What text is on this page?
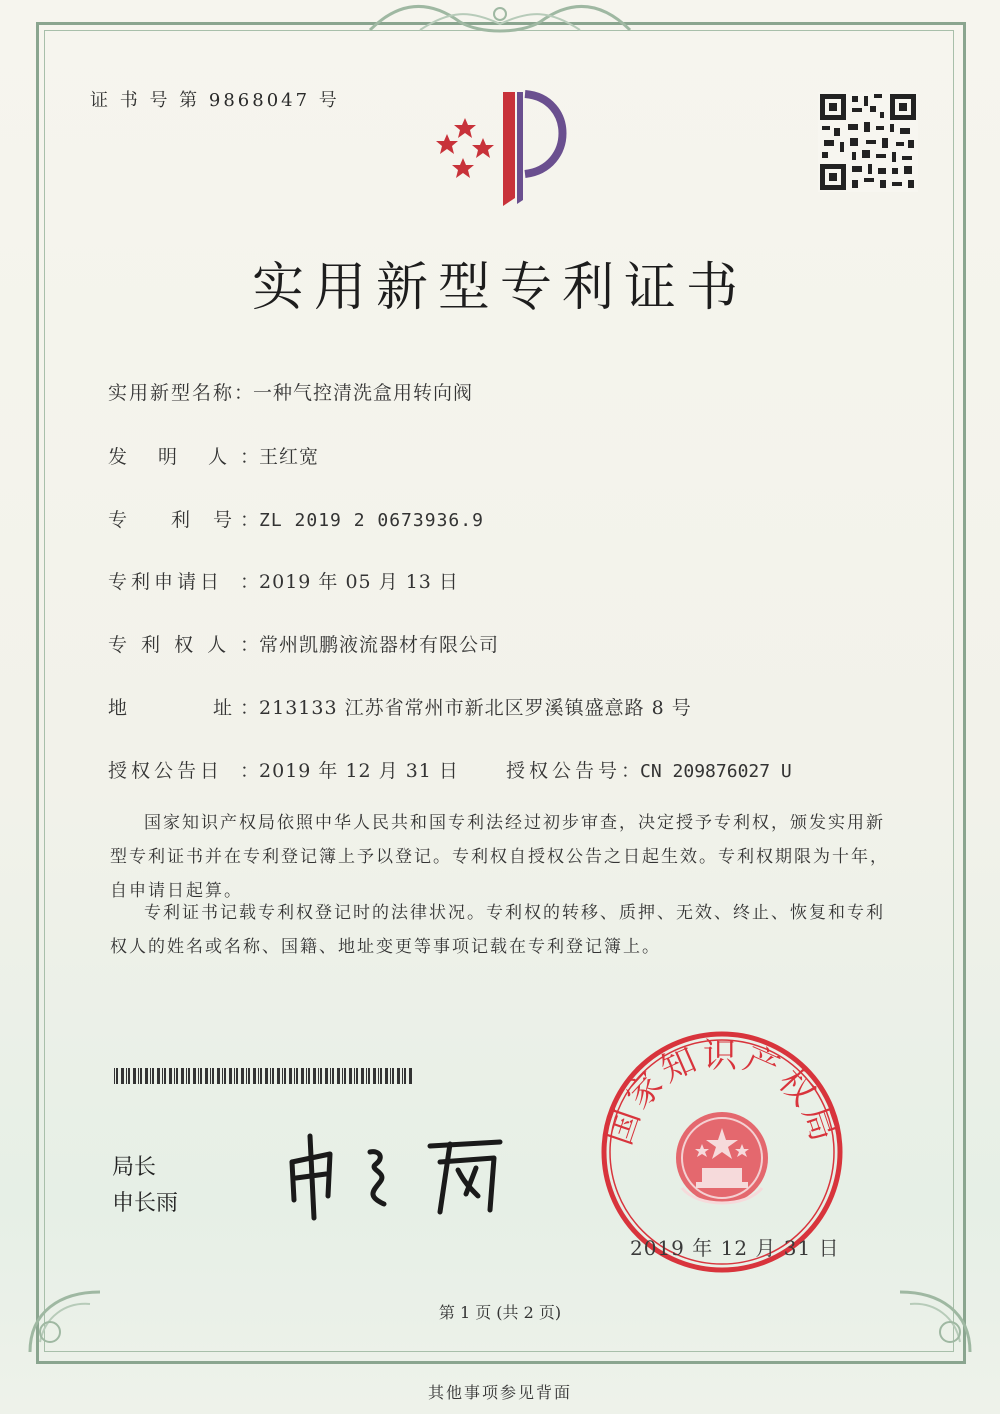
证 书 号 第 9868047 号
实用新型专利证书
实用新型名称：一种气控清洗盒用转向阀
发　明　人 ：王红宽
专　　利　号 ：ZL 2019 2 0673936.9
专利申请日 ：2019 年 05 月 13 日
专 利 权 人 ：常州凯鹏液流器材有限公司
地　　　　址 ：213133 江苏省常州市新北区罗溪镇盛意路 8 号
授权公告日 ：2019 年 12 月 31 日 授权公告号：CN 209876027 U
国家知识产权局依照中华人民共和国专利法经过初步审查，决定授予专利权，颁发实用新型专利证书并在专利登记簿上予以登记。专利权自授权公告之日起生效。专利权期限为十年，自申请日起算。
专利证书记载专利权登记时的法律状况。专利权的转移、质押、无效、终止、恢复和专利权人的姓名或名称、国籍、地址变更等事项记载在专利登记簿上。
局长
申长雨
国家知识产权局
2019 年 12 月 31 日
第 1 页 (共 2 页)
其他事项参见背面
